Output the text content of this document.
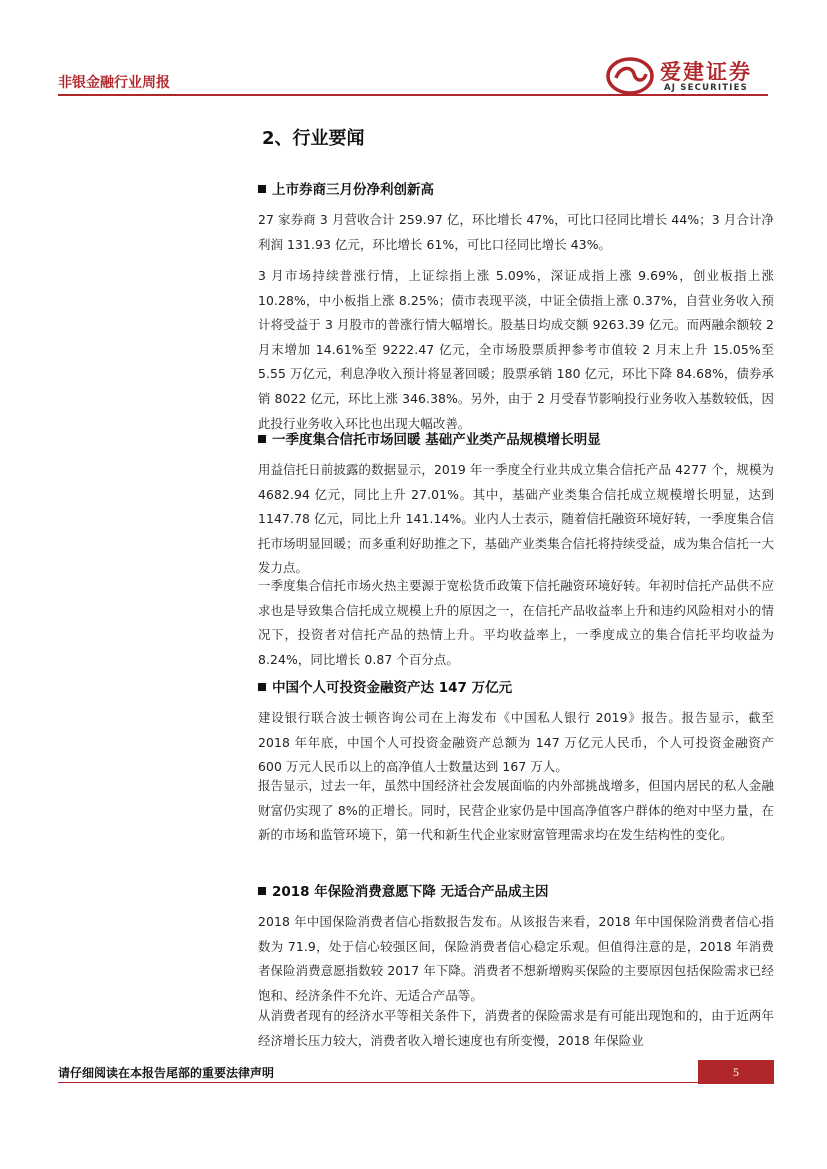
非银金融行业周报	爱建证券
AJ SECURITIES
2、行业要闻
上市券商三月份净利创新高
27 家券商 3 月营收合计 259.97 亿，环比增长 47%，可比口径同比增长 44%；3 月合计净利润 131.93 亿元，环比增长 61%，可比口径同比增长 43%。
3 月市场持续普涨行情，上证综指上涨 5.09%，深证成指上涨 9.69%，创业板指上涨 10.28%，中小板指上涨 8.25%；债市表现平淡，中证全债指上涨 0.37%，自营业务收入预计将受益于 3 月股市的普涨行情大幅增长。股基日均成交额 9263.39 亿元。而两融余额较 2 月末增加 14.61%至 9222.47 亿元，全市场股票质押参考市值较 2 月末上升 15.05%至 5.55 万亿元，利息净收入预计将显著回暖；股票承销 180 亿元，环比下降 84.68%，债券承销 8022 亿元，环比上涨 346.38%。另外，由于 2 月受春节影响投行业务收入基数较低，因此投行业务收入环比也出现大幅改善。
一季度集合信托市场回暖 基础产业类产品规模增长明显
用益信托日前披露的数据显示，2019 年一季度全行业共成立集合信托产品 4277 个，规模为 4682.94 亿元，同比上升 27.01%。其中，基础产业类集合信托成立规模增长明显，达到 1147.78 亿元，同比上升 141.14%。业内人士表示，随着信托融资环境好转，一季度集合信托市场明显回暖；而多重利好助推之下，基础产业类集合信托将持续受益，成为集合信托一大发力点。
一季度集合信托市场火热主要源于宽松货币政策下信托融资环境好转。年初时信托产品供不应求也是导致集合信托成立规模上升的原因之一，在信托产品收益率上升和违约风险相对小的情况下，投资者对信托产品的热情上升。平均收益率上，一季度成立的集合信托平均收益为 8.24%，同比增长 0.87 个百分点。
中国个人可投资金融资产达 147 万亿元
建设银行联合波士顿咨询公司在上海发布《中国私人银行 2019》报告。报告显示，截至 2018 年年底，中国个人可投资金融资产总额为 147 万亿元人民币，个人可投资金融资产 600 万元人民币以上的高净值人士数量达到 167 万人。
报告显示，过去一年，虽然中国经济社会发展面临的内外部挑战增多，但国内居民的私人金融财富仍实现了 8%的正增长。同时，民营企业家仍是中国高净值客户群体的绝对中坚力量，在新的市场和监管环境下，第一代和新生代企业家财富管理需求均在发生结构性的变化。
2018 年保险消费意愿下降 无适合产品成主因
2018 年中国保险消费者信心指数报告发布。从该报告来看，2018 年中国保险消费者信心指数为 71.9，处于信心较强区间，保险消费者信心稳定乐观。但值得注意的是，2018 年消费者保险消费意愿指数较 2017 年下降。消费者不想新增购买保险的主要原因包括保险需求已经饱和、经济条件不允许、无适合产品等。
从消费者现有的经济水平等相关条件下，消费者的保险需求是有可能出现饱和的，由于近两年经济增长压力较大，消费者收入增长速度也有所变慢，2018 年保险业
请仔细阅读在本报告尾部的重要法律声明	5
